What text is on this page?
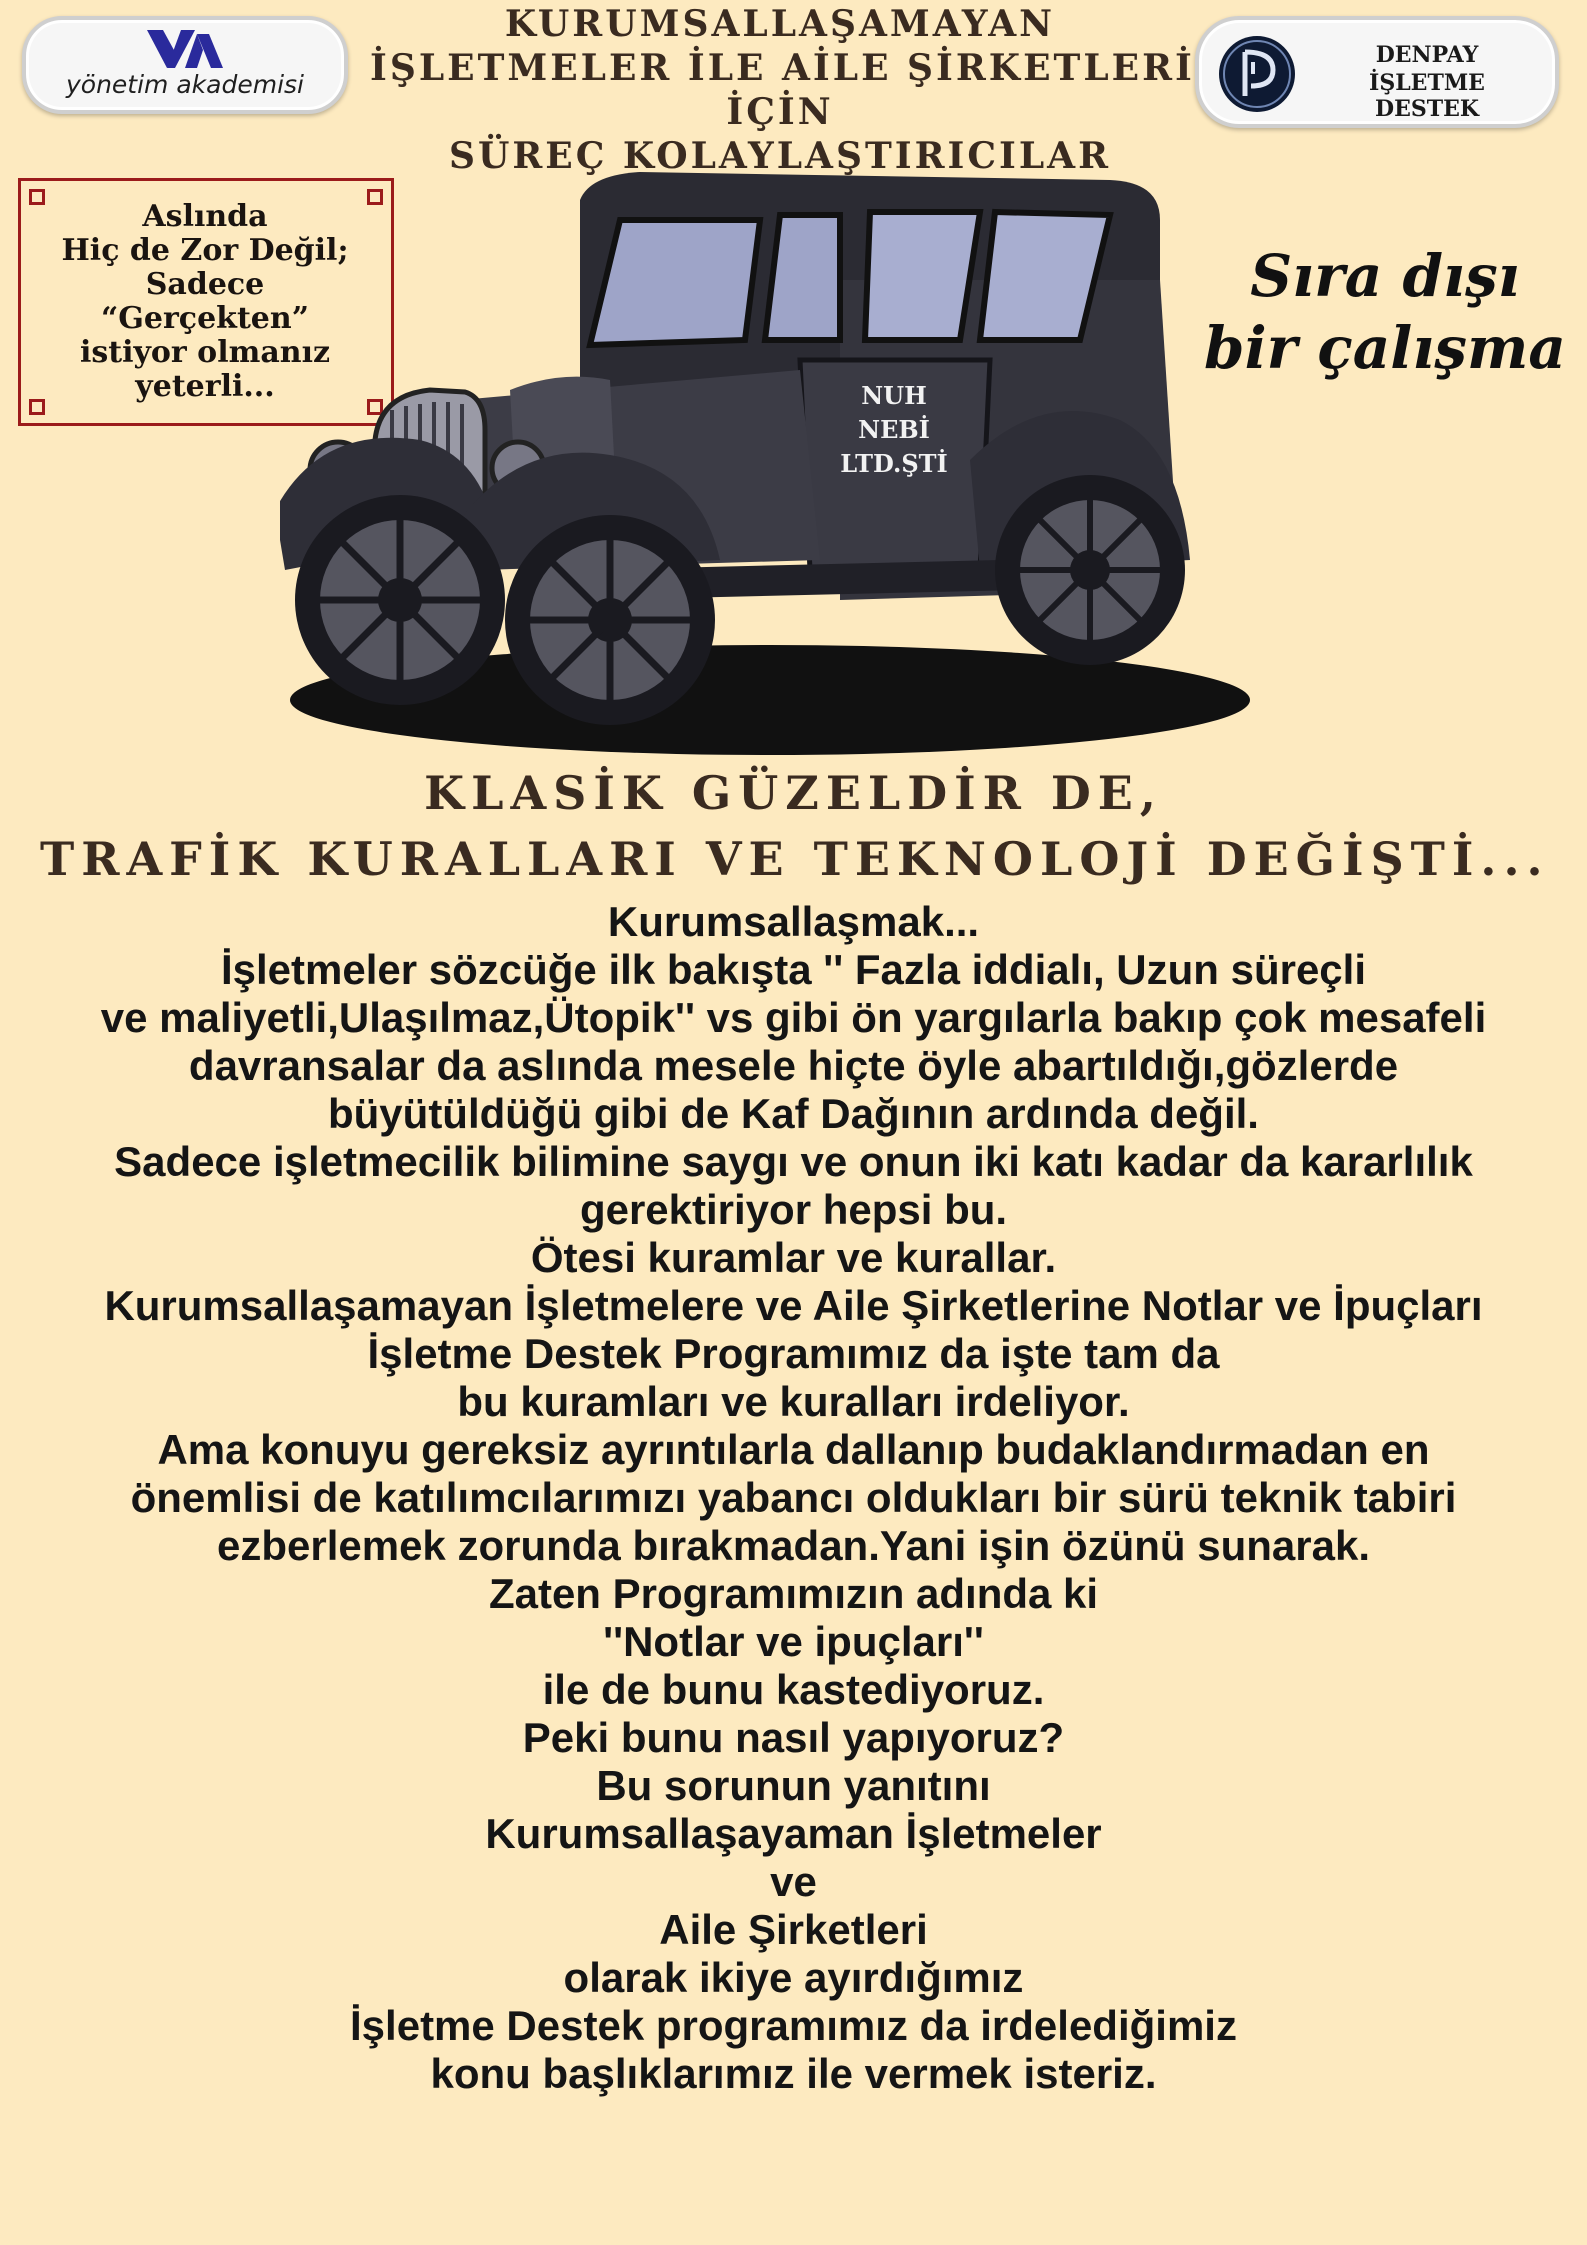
yönetim akademisi
KURUMSALLAŞAMAYAN
İŞLETMELER İLE AİLE ŞİRKETLERİ
İÇİN
SÜREÇ KOLAYLAŞTIRICILAR
DENPAY
İŞLETME DESTEK
Aslında
Hiç de Zor Değil;
Sadece
“Gerçekten”
istiyor olmanız
yeterli...
Sıra dışı
bir çalışma
NUH
NEBİ
LTD.ŞTİ
KLASİK GÜZELDİR DE,
TRAFİK KURALLARI VE TEKNOLOJİ DEĞİŞTİ...
Kurumsallaşmak...
İşletmeler sözcüğe ilk bakışta '' Fazla iddialı, Uzun süreçli
ve maliyetli,Ulaşılmaz,Ütopik'' vs gibi ön yargılarla bakıp çok mesafeli
davransalar da aslında mesele hiçte öyle abartıldığı,gözlerde
büyütüldüğü gibi de Kaf Dağının ardında değil.
Sadece işletmecilik bilimine saygı ve onun iki katı kadar da kararlılık
gerektiriyor hepsi bu.
Ötesi kuramlar ve kurallar.
Kurumsallaşamayan İşletmelere ve Aile Şirketlerine Notlar ve İpuçları
İşletme Destek Programımız da işte tam da
bu kuramları ve kuralları irdeliyor.
Ama konuyu gereksiz ayrıntılarla dallanıp budaklandırmadan en
önemlisi de katılımcılarımızı yabancı oldukları bir sürü teknik tabiri
ezberlemek zorunda bırakmadan.Yani işin özünü sunarak.
Zaten Programımızın adında ki
''Notlar ve ipuçları''
ile de bunu kastediyoruz.
Peki bunu nasıl yapıyoruz?
Bu sorunun yanıtını
Kurumsallaşayaman İşletmeler
ve
Aile Şirketleri
olarak ikiye ayırdığımız
İşletme Destek programımız da irdelediğimiz
konu başlıklarımız ile vermek isteriz.
